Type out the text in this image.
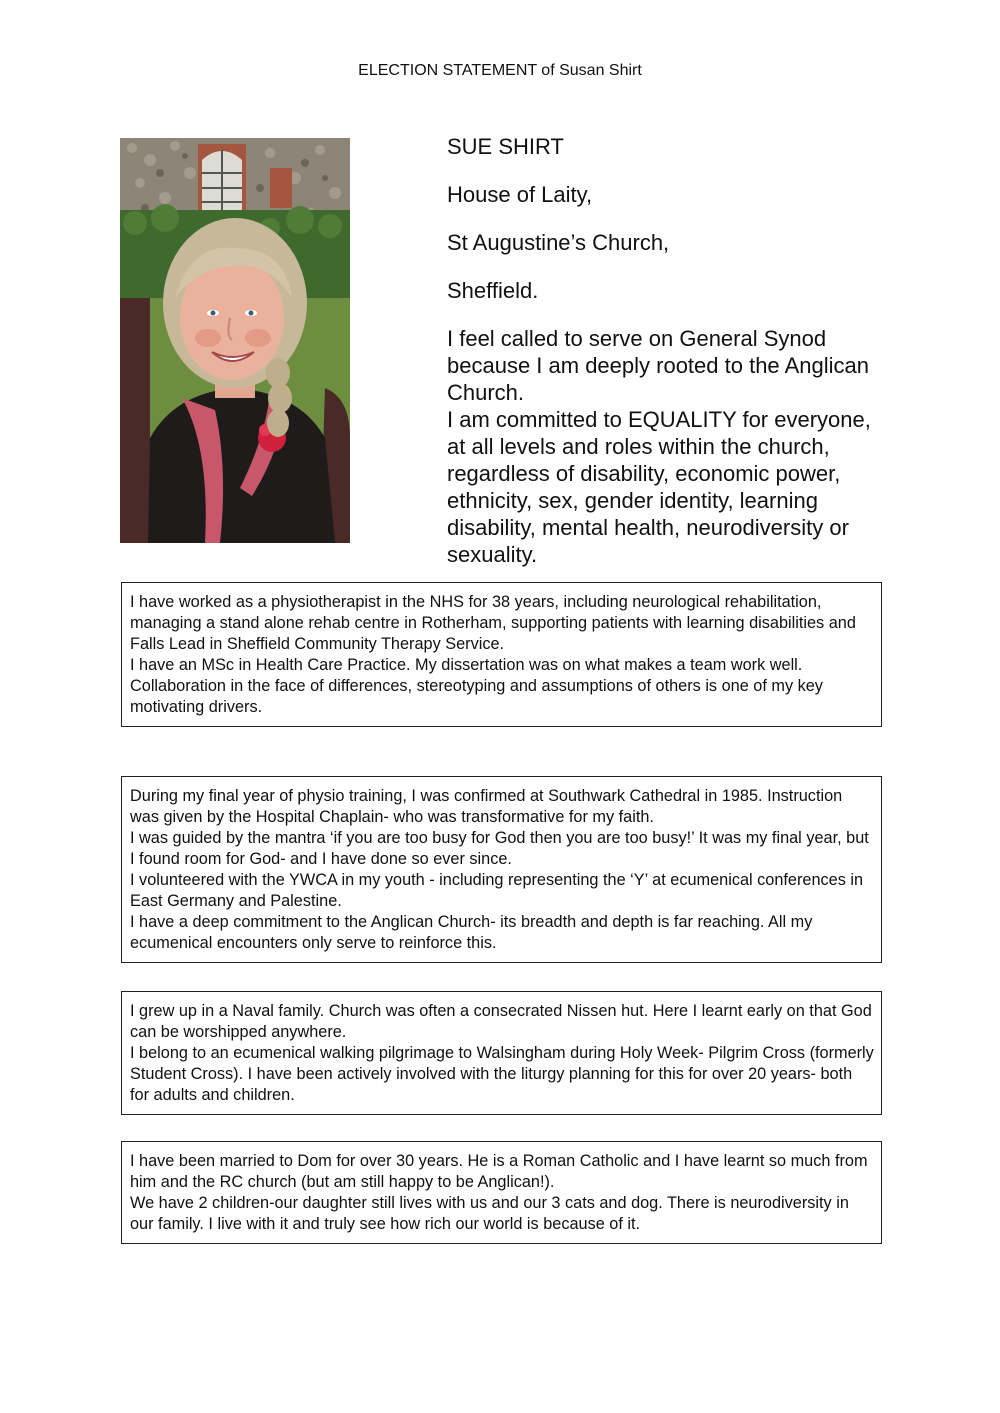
ELECTION STATEMENT of Susan Shirt
SUE SHIRT
House of Laity,
St Augustine’s Church,
Sheffield.

I feel called to serve on General Synod because I am deeply rooted to the Anglican Church.

I am committed to EQUALITY for everyone, at all levels and roles within the church, regardless of disability, economic power, ethnicity, sex, gender identity, learning disability, mental health, neurodiversity or sexuality.

I have worked as a physiotherapist in the NHS for 38 years, including neurological rehabilitation, managing a stand alone rehab centre in Rotherham, supporting patients with learning disabilities and Falls Lead in Sheffield Community Therapy Service.

I have an MSc in Health Care Practice. My dissertation was on what makes a team work well.

Collaboration in the face of differences, stereotyping and assumptions of others is one of my key motivating drivers.

During my final year of physio training, I was confirmed at Southwark Cathedral in 1985. Instruction was given by the Hospital Chaplain- who was transformative for my faith.

I was guided by the mantra ‘if you are too busy for God then you are too busy!’ It was my final year, but I found room for God- and I have done so ever since.

I volunteered with the YWCA in my youth - including representing the ‘Y’ at ecumenical conferences in East Germany and Palestine.

I have a deep commitment to the Anglican Church- its breadth and depth is far reaching. All my ecumenical encounters only serve to reinforce this.

I grew up in a Naval family. Church was often a consecrated Nissen hut. Here I learnt early on that God can be worshipped anywhere.

I belong to an ecumenical walking pilgrimage to Walsingham during Holy Week- Pilgrim Cross (formerly Student Cross). I have been actively involved with the liturgy planning for this for over 20 years- both for adults and children.

I have been married to Dom for over 30 years. He is a Roman Catholic and I have learnt so much from him and the RC church (but am still happy to be Anglican!).

We have 2 children-our daughter still lives with us and our 3 cats and dog. There is neurodiversity in our family. I live with it and truly see how rich our world is because of it.
